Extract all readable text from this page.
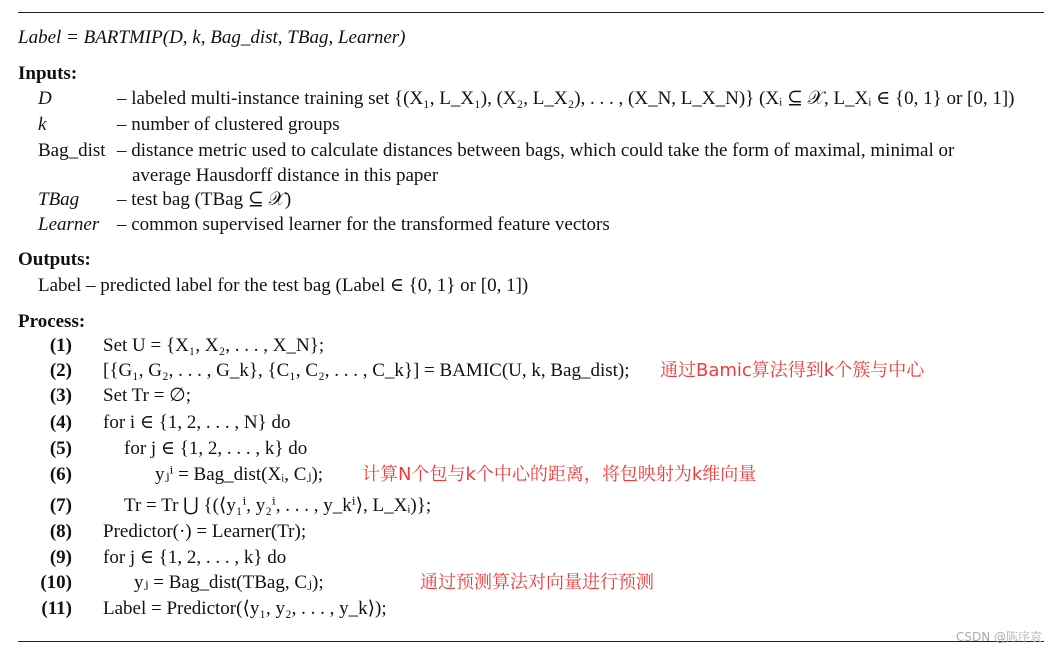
Label = BARTMIP(D, k, Bag_dist, TBag, Learner)
Inputs:
D	– labeled multi-instance training set {(X₁, L_X₁), (X₂, L_X₂), . . . , (X_N, L_X_N)} (Xᵢ ⊆ 𝒳, L_Xᵢ ∈ {0, 1} or [0, 1])
k	– number of clustered groups
Bag_dist – distance metric used to calculate distances between bags, which could take the form of maximal, minimal or
average Hausdorff distance in this paper
TBag – test bag (TBag ⊆ 𝒳)
Learner – common supervised learner for the transformed feature vectors
Outputs:
Label – predicted label for the test bag (Label ∈ {0, 1} or [0, 1])
Process:
(1) Set U = {X₁, X₂, . . . , X_N};
(2) [{G₁, G₂, . . . , G_k}, {C₁, C₂, . . . , C_k}] = BAMIC(U, k, Bag_dist); 通过Bamic算法得到k个簇与中心
(3) Set Tr = ∅;
(4) for i ∈ {1, 2, . . . , N} do
(5)	for j ∈ {1, 2, . . . , k} do
(6)	yⱼⁱ = Bag_dist(Xᵢ, Cⱼ); 计算N个包与k个中心的距离，将包映射为k维向量
(7)	Tr = Tr ⋃ {(⟨y₁ⁱ, y₂ⁱ, . . . , y_kⁱ⟩, L_Xᵢ)};
(8) Predictor(·) = Learner(Tr);
(9) for j ∈ {1, 2, . . . , k} do
(10)	yⱼ = Bag_dist(TBag, Cⱼ);	通过预测算法对向量进行预测
(11) Label = Predictor(⟨y₁, y₂, . . . , y_k⟩);
CSDN @陈序袁
